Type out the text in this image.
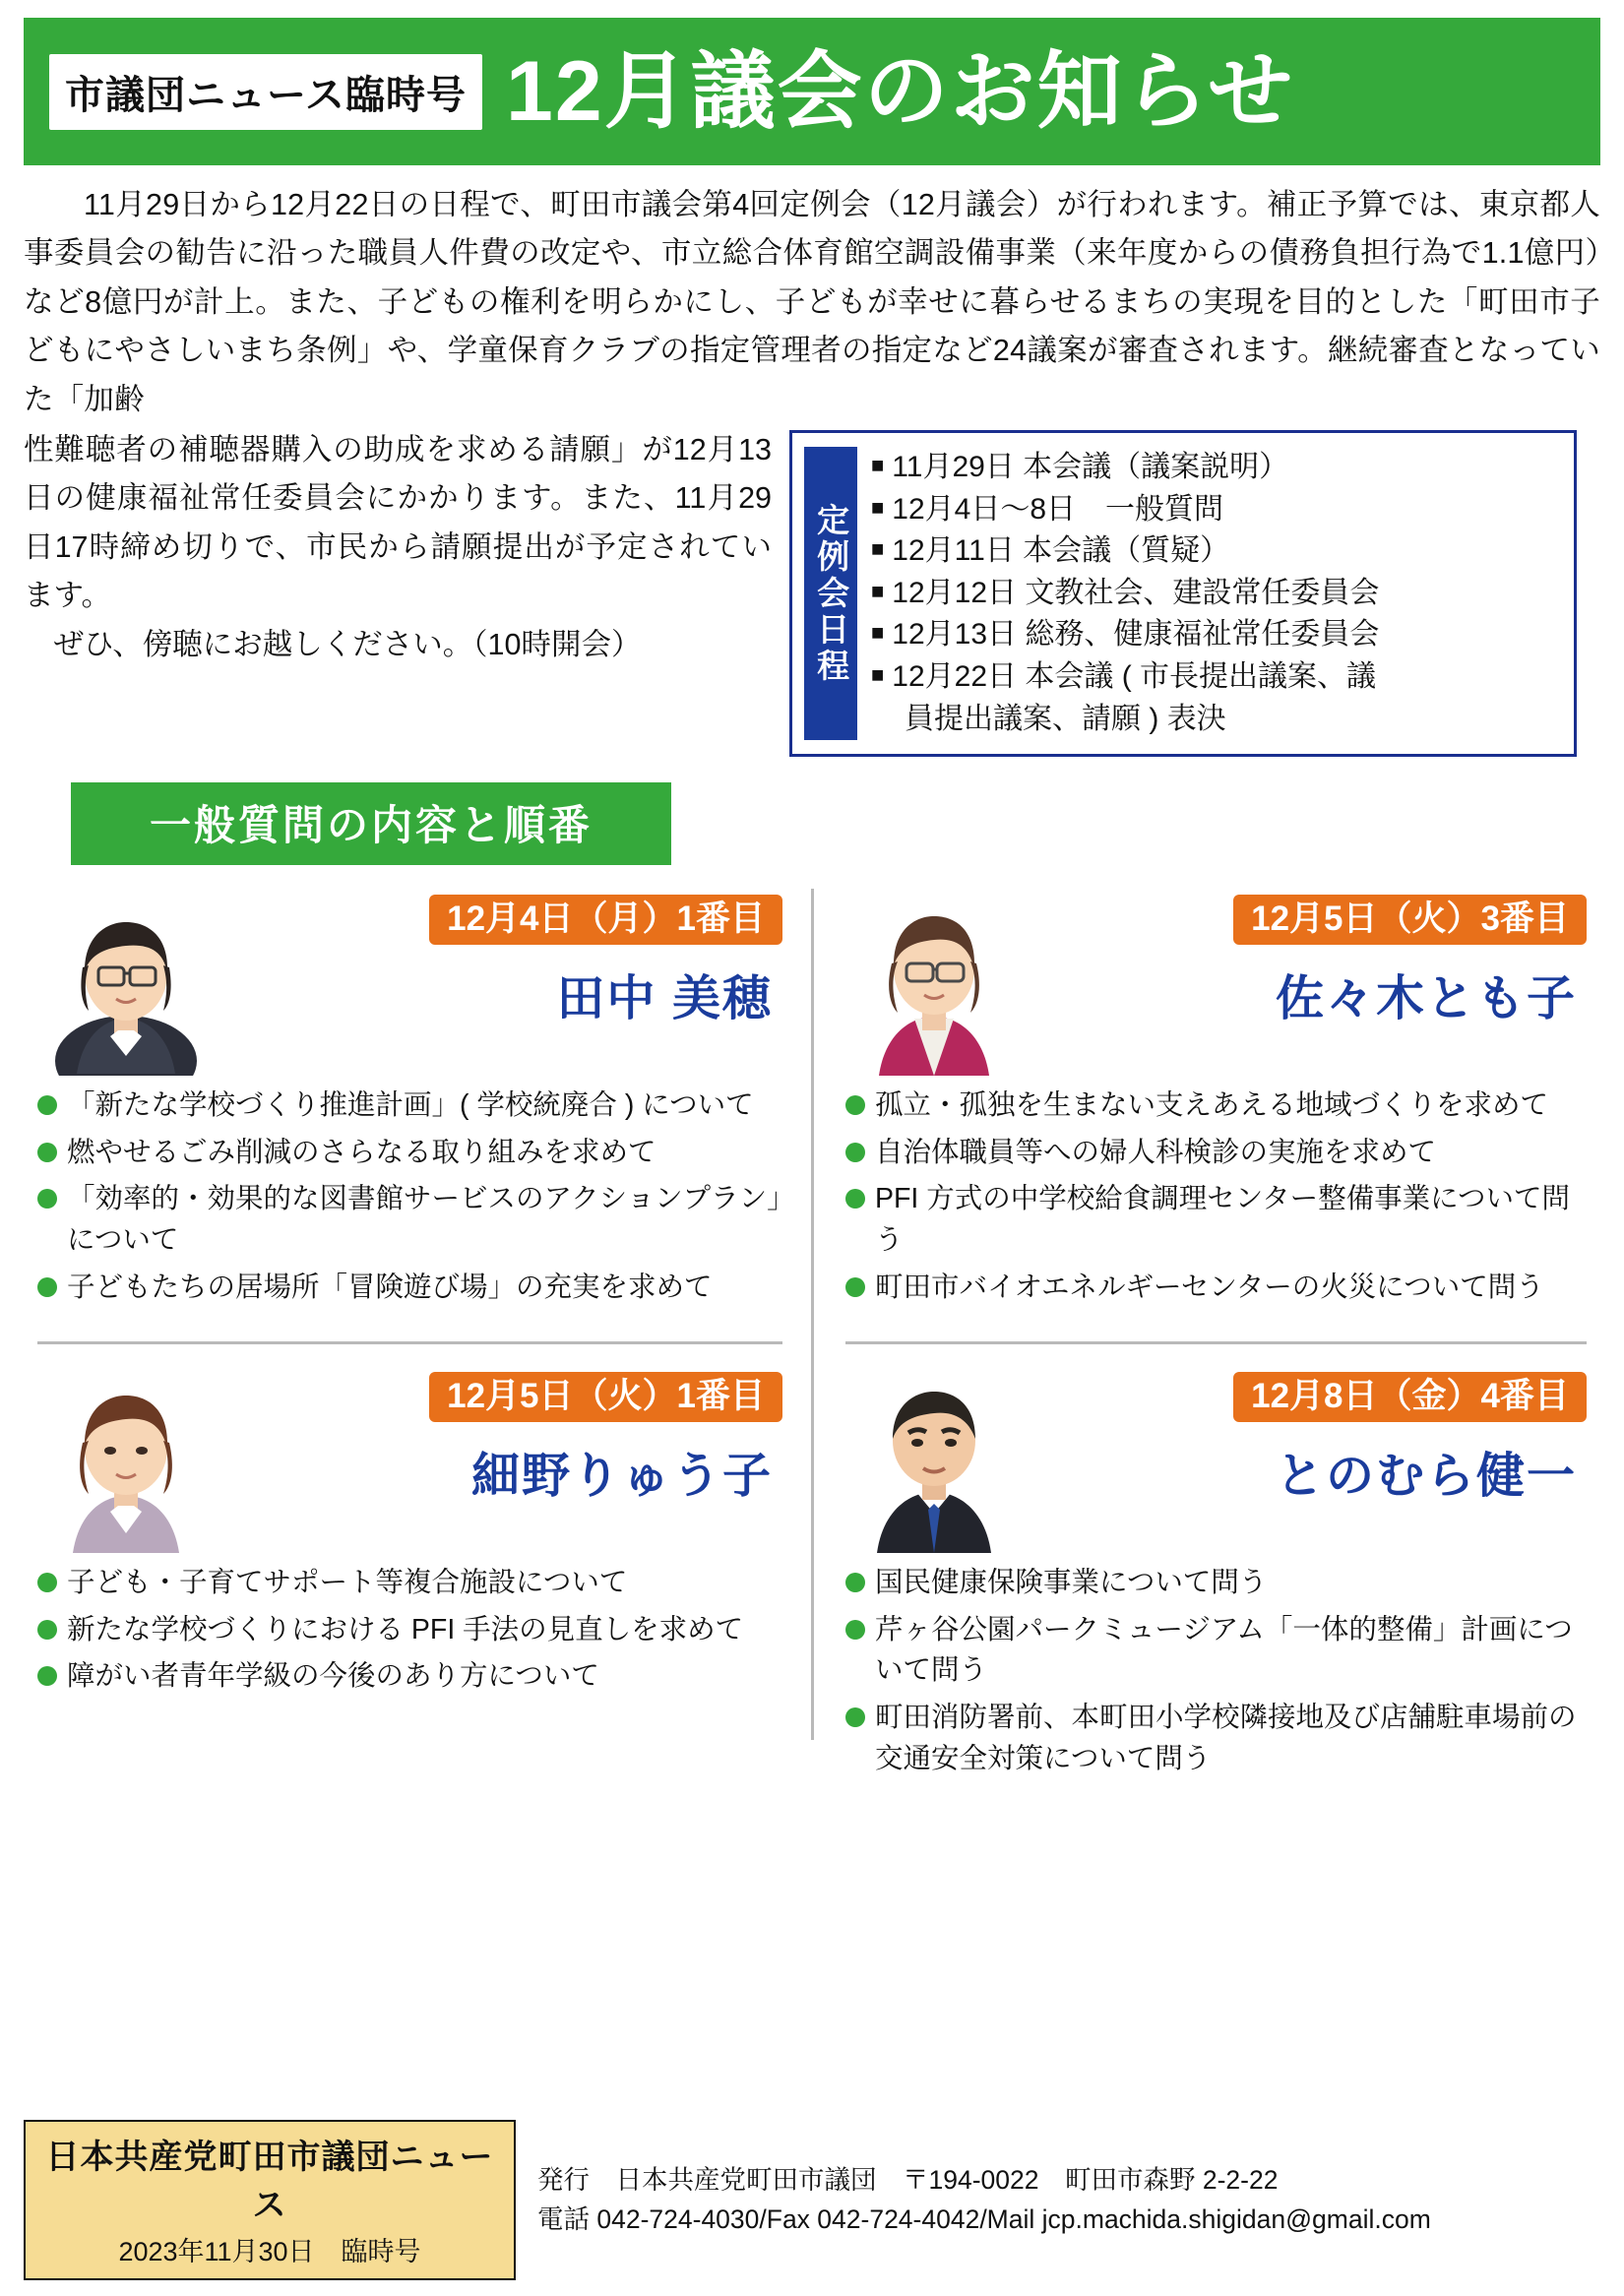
市議団ニュース臨時号 12月議会のお知らせ

11月29日から12月22日の日程で、町田市議会第4回定例会（12月議会）が行われます。補正予算では、東京都人事委員会の勧告に沿った職員人件費の改定や、市立総合体育館空調設備事業（来年度からの債務負担行為で1.1億円）など8億円が計上。また、子どもの権利を明らかにし、子どもが幸せに暮らせるまちの実現を目的とした「町田市子どもにやさしいまち条例」や、学童保育クラブの指定管理者の指定など24議案が審査されます。継続審査となっていた「加齢

性難聴者の補聴器購入の助成を求める請願」が12月13日の健康福祉常任委員会にかかります。また、11月29日17時締め切りで、市民から請願提出が予定されています。

ぜひ、傍聴にお越しください。（10時開会）	定例会日程
■ 11月29日 本会議（議案説明）
■ 12月4日〜8日　一般質問
■ 12月11日 本会議（質疑）
■ 12月12日 文教社会、建設常任委員会
■ 12月13日 総務、健康福祉常任委員会
■ 12月22日 本会議 ( 市長提出議案、議
員提出議案、請願 ) 表決
一般質問の内容と順番
12月4日（月）1番目
田中 美穂
「新たな学校づくり推進計画」( 学校統廃合 ) について
燃やせるごみ削減のさらなる取り組みを求めて
「効率的・効果的な図書館サービスのアクションプラン」について
子どもたちの居場所「冒険遊び場」の充実を求めて
12月5日（火）1番目
細野りゅう子
子ども・子育てサポート等複合施設について
新たな学校づくりにおける PFI 手法の見直しを求めて
障がい者青年学級の今後のあり方について
12月5日（火）3番目
佐々木とも子
孤立・孤独を生まない支えあえる地域づくりを求めて
自治体職員等への婦人科検診の実施を求めて
PFI 方式の中学校給食調理センター整備事業について問う
町田市バイオエネルギーセンターの火災について問う
12月8日（金）4番目
とのむら健一
国民健康保険事業について問う
芹ヶ谷公園パークミュージアム「一体的整備」計画について問う
町田消防署前、本町田小学校隣接地及び店舗駐車場前の交通安全対策について問う
日本共産党町田市議団ニュース
2023年11月30日　臨時号
発行　日本共産党町田市議団　〒194-0022　町田市森野 2-2-22
電話 042-724-4030/Fax 042-724-4042/Mail jcp.machida.shigidan@gmail.com
